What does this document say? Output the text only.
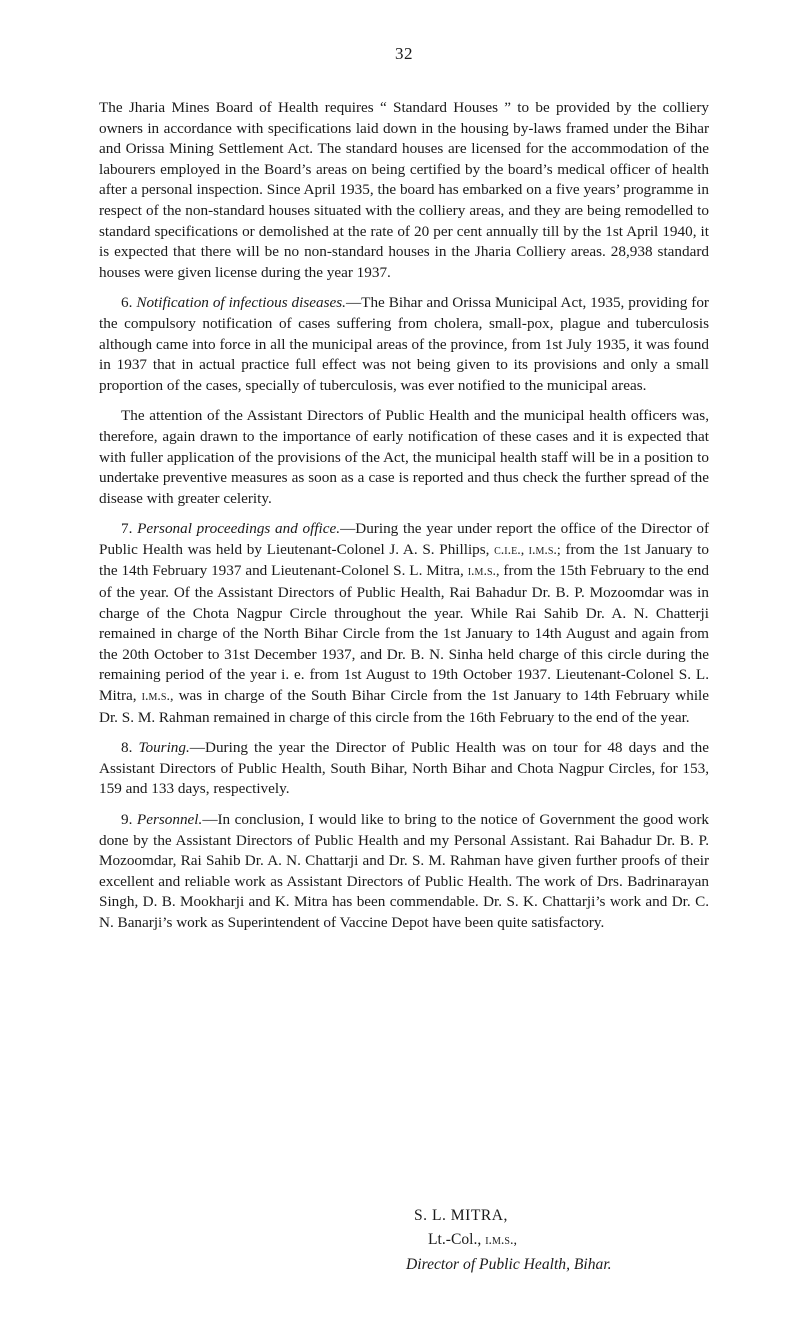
32

The Jharia Mines Board of Health requires “ Standard Houses ” to be provided by the colliery owners in accordance with specifications laid down in the housing by-laws framed under the Bihar and Orissa Mining Settlement Act. The standard houses are licensed for the accommodation of the labourers employed in the Board’s areas on being certified by the board’s medical officer of health after a personal inspection. Since April 1935, the board has embarked on a five years’ programme in respect of the non-standard houses situated with the colliery areas, and they are being remodelled to standard specifications or demolished at the rate of 20 per cent annually till by the 1st April 1940, it is expected that there will be no non-standard houses in the Jharia Colliery areas. 28,938 standard houses were given license during the year 1937.

6. Notification of infectious diseases.—The Bihar and Orissa Municipal Act, 1935, providing for the compulsory notification of cases suffering from cholera, small-pox, plague and tuberculosis although came into force in all the municipal areas of the province, from 1st July 1935, it was found in 1937 that in actual practice full effect was not being given to its provisions and only a small proportion of the cases, specially of tuberculosis, was ever notified to the municipal areas.

The attention of the Assistant Directors of Public Health and the municipal health officers was, therefore, again drawn to the importance of early notification of these cases and it is expected that with fuller application of the provisions of the Act, the municipal health staff will be in a position to undertake preventive measures as soon as a case is reported and thus check the further spread of the disease with greater celerity.

7. Personal proceedings and office.—During the year under report the office of the Director of Public Health was held by Lieutenant-Colonel J. A. S. Phillips, c.i.e., i.m.s.; from the 1st January to the 14th February 1937 and Lieutenant-Colonel S. L. Mitra, i.m.s., from the 15th February to the end of the year. Of the Assistant Directors of Public Health, Rai Bahadur Dr. B. P. Mozoomdar was in charge of the Chota Nagpur Circle throughout the year. While Rai Sahib Dr. A. N. Chatterji remained in charge of the North Bihar Circle from the 1st January to 14th August and again from the 20th October to 31st December 1937, and Dr. B. N. Sinha held charge of this circle during the remaining period of the year i. e. from 1st August to 19th October 1937. Lieutenant-Colonel S. L. Mitra, i.m.s., was in charge of the South Bihar Circle from the 1st January to 14th February while Dr. S. M. Rahman remained in charge of this circle from the 16th February to the end of the year.

8. Touring.—During the year the Director of Public Health was on tour for 48 days and the Assistant Directors of Public Health, South Bihar, North Bihar and Chota Nagpur Circles, for 153, 159 and 133 days, respectively.

9. Personnel.—In conclusion, I would like to bring to the notice of Government the good work done by the Assistant Directors of Public Health and my Personal Assistant. Rai Bahadur Dr. B. P. Mozoomdar, Rai Sahib Dr. A. N. Chattarji and Dr. S. M. Rahman have given further proofs of their excellent and reliable work as Assistant Directors of Public Health. The work of Drs. Badrinarayan Singh, D. B. Mookharji and K. Mitra has been commendable. Dr. S. K. Chattarji’s work and Dr. C. N. Banarji’s work as Superintendent of Vaccine Depot have been quite satisfactory.

S. L. MITRA,
Lt.-Col., i.m.s.,
Director of Public Health, Bihar.
